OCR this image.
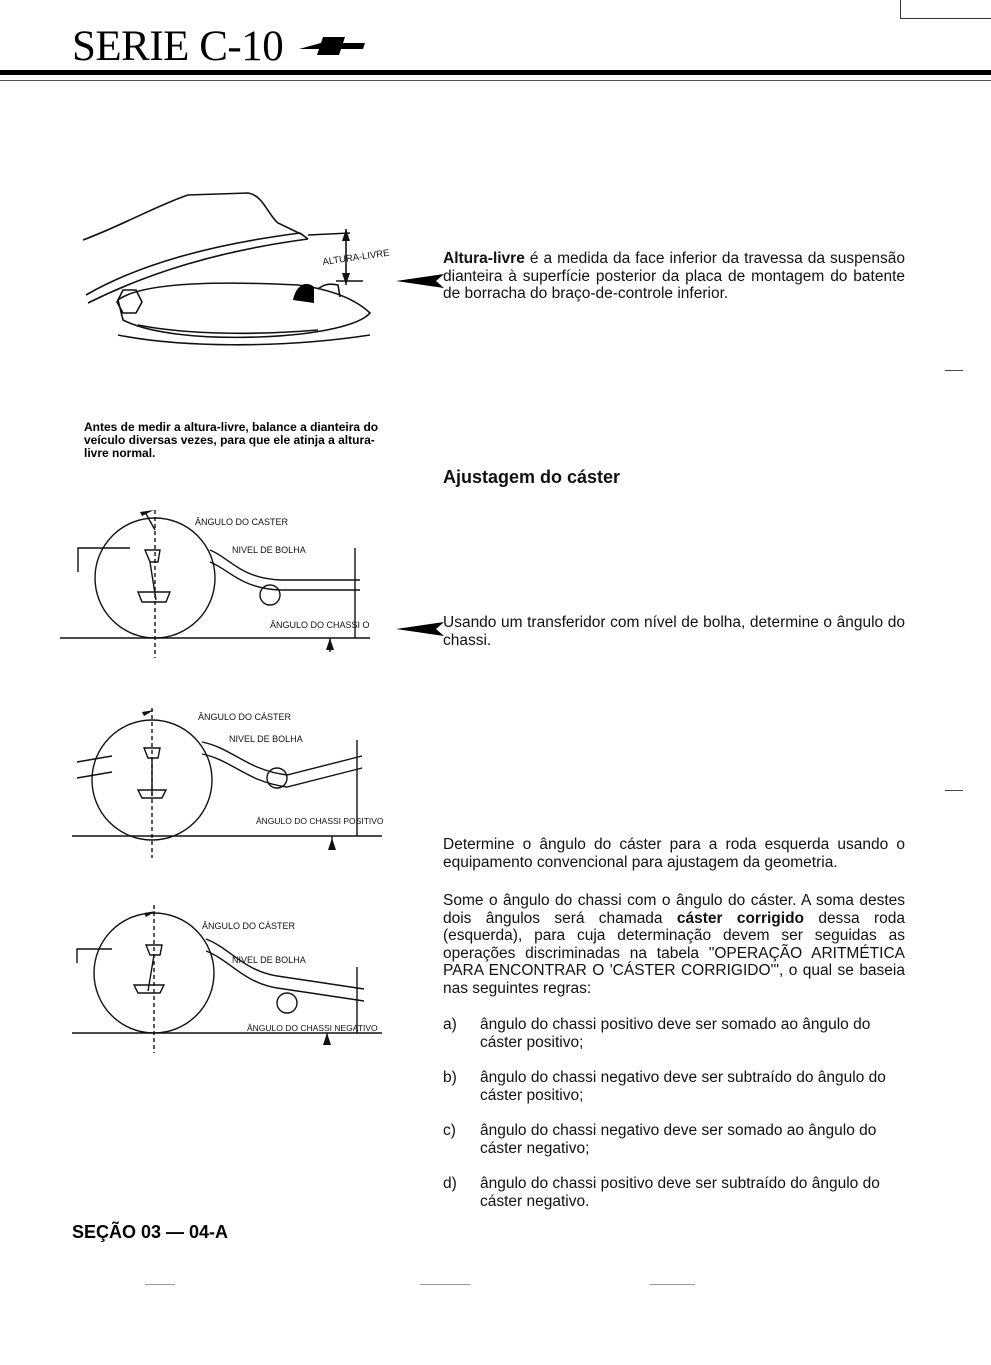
SERIE C-10
ALTURA-LIVRE
Antes de medir a altura-livre, balance a dianteira do veículo diversas vezes, para que ele atinja a altura-livre normal.
Altura-livre é a medida da face inferior da travessa da suspensão dianteira à superfície posterior da placa de montagem do batente de borracha do braço-de-controle inferior.
Ajustagem do cáster
ÂNGULO DO CASTER
NIVEL DE BOLHA
ÂNGULO DO CHASSI O	Usando um transferidor com nível de bolha, determine o ângulo do chassi.
ÂNGULO DO CÁSTER
NIVEL DE BOLHA
ÂNGULO DO CHASSI POSITIVO
Determine o ângulo do cáster para a roda esquerda usando o equipamento convencional para ajustagem da geometria.
Some o ângulo do chassi com o ângulo do cáster. A soma destes dois ângulos será chamada cáster corrigido dessa roda (esquerda), para cuja determinação devem ser seguidas as operações discriminadas na tabela "OPERAÇÃO ARITMÉTICA PARA ENCONTRAR O 'CÁSTER CORRIGIDO'", o qual se baseia nas seguintes regras:
ÂNGULO DO CÁSTER
NIVEL DE BOLHA
ÂNGULO DO CHASSI NEGATIVO	a) ângulo do chassi positivo deve ser somado ao ângulo do cáster positivo;
b) ângulo do chassi negativo deve ser subtraído do ângulo do cáster positivo;
c) ângulo do chassi negativo deve ser somado ao ângulo do cáster negativo;
d) ângulo do chassi positivo deve ser subtraído do ângulo do cáster negativo.
SEÇÃO 03 — 04-A
